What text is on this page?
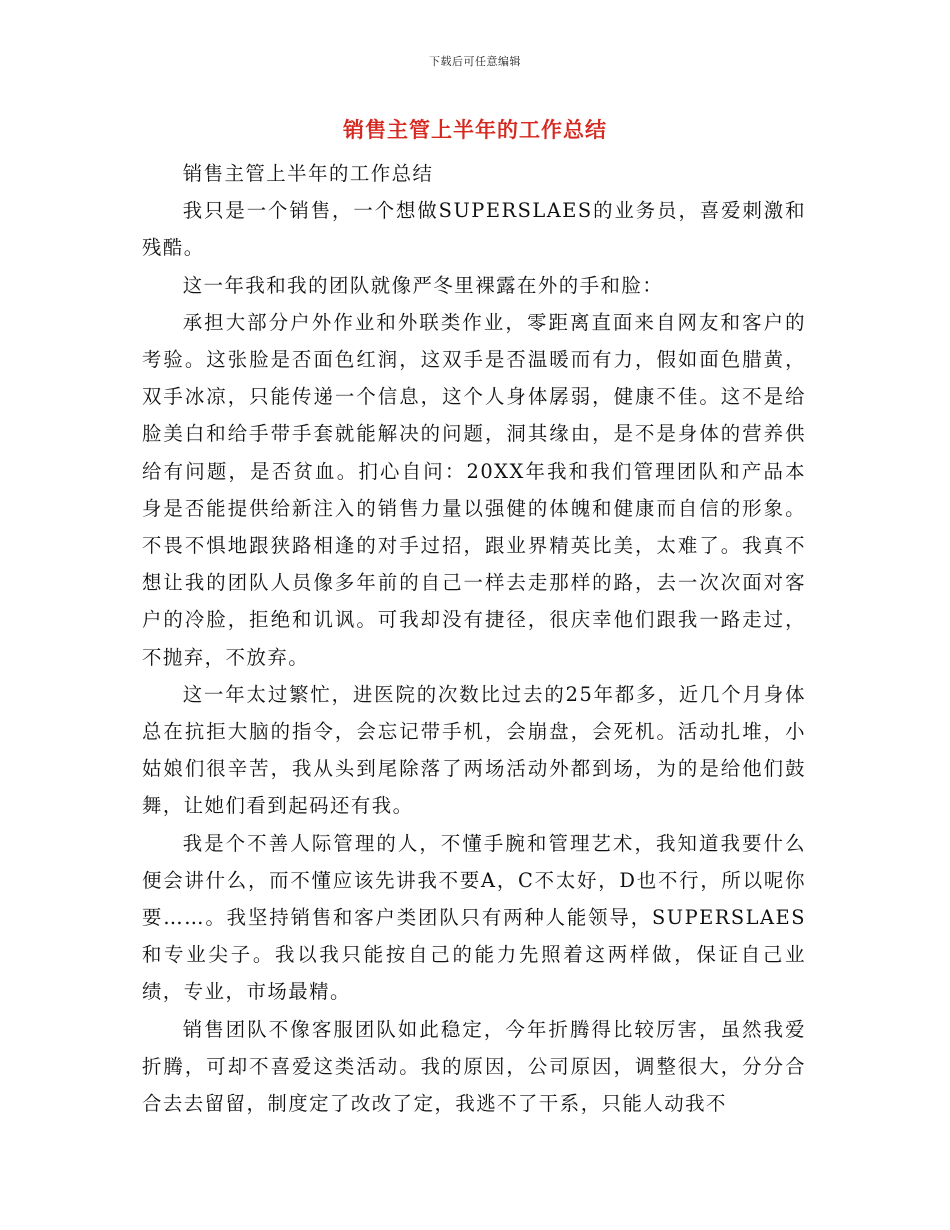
下载后可任意编辑
销售主管上半年的工作总结

销售主管上半年的工作总结

我只是一个销售，一个想做SUPERSLAES的业务员，喜爱刺激和残酷。

这一年我和我的团队就像严冬里裸露在外的手和脸：

承担大部分户外作业和外联类作业，零距离直面来自网友和客户的考验。这张脸是否面色红润，这双手是否温暖而有力，假如面色腊黄，双手冰凉，只能传递一个信息，这个人身体孱弱，健康不佳。这不是给脸美白和给手带手套就能解决的问题，洞其缘由，是不是身体的营养供给有问题，是否贫血。扪心自问：20XX年我和我们管理团队和产品本身是否能提供给新注入的销售力量以强健的体魄和健康而自信的形象。不畏不惧地跟狭路相逢的对手过招，跟业界精英比美，太难了。我真不想让我的团队人员像多年前的自己一样去走那样的路，去一次次面对客户的冷脸，拒绝和讥讽。可我却没有捷径，很庆幸他们跟我一路走过，不抛弃，不放弃。

这一年太过繁忙，进医院的次数比过去的25年都多，近几个月身体总在抗拒大脑的指令，会忘记带手机，会崩盘，会死机。活动扎堆，小姑娘们很辛苦，我从头到尾除落了两场活动外都到场，为的是给他们鼓舞，让她们看到起码还有我。

我是个不善人际管理的人，不懂手腕和管理艺术，我知道我要什么便会讲什么，而不懂应该先讲我不要A，C不太好，D也不行，所以呢你要……。我坚持销售和客户类团队只有两种人能领导，SUPERSLAES和专业尖子。我以我只能按自己的能力先照着这两样做，保证自己业绩，专业，市场最精。

销售团队不像客服团队如此稳定，今年折腾得比较厉害，虽然我爱折腾，可却不喜爱这类活动。我的原因，公司原因，调整很大，分分合合去去留留，制度定了改改了定，我逃不了干系，只能人动我不
